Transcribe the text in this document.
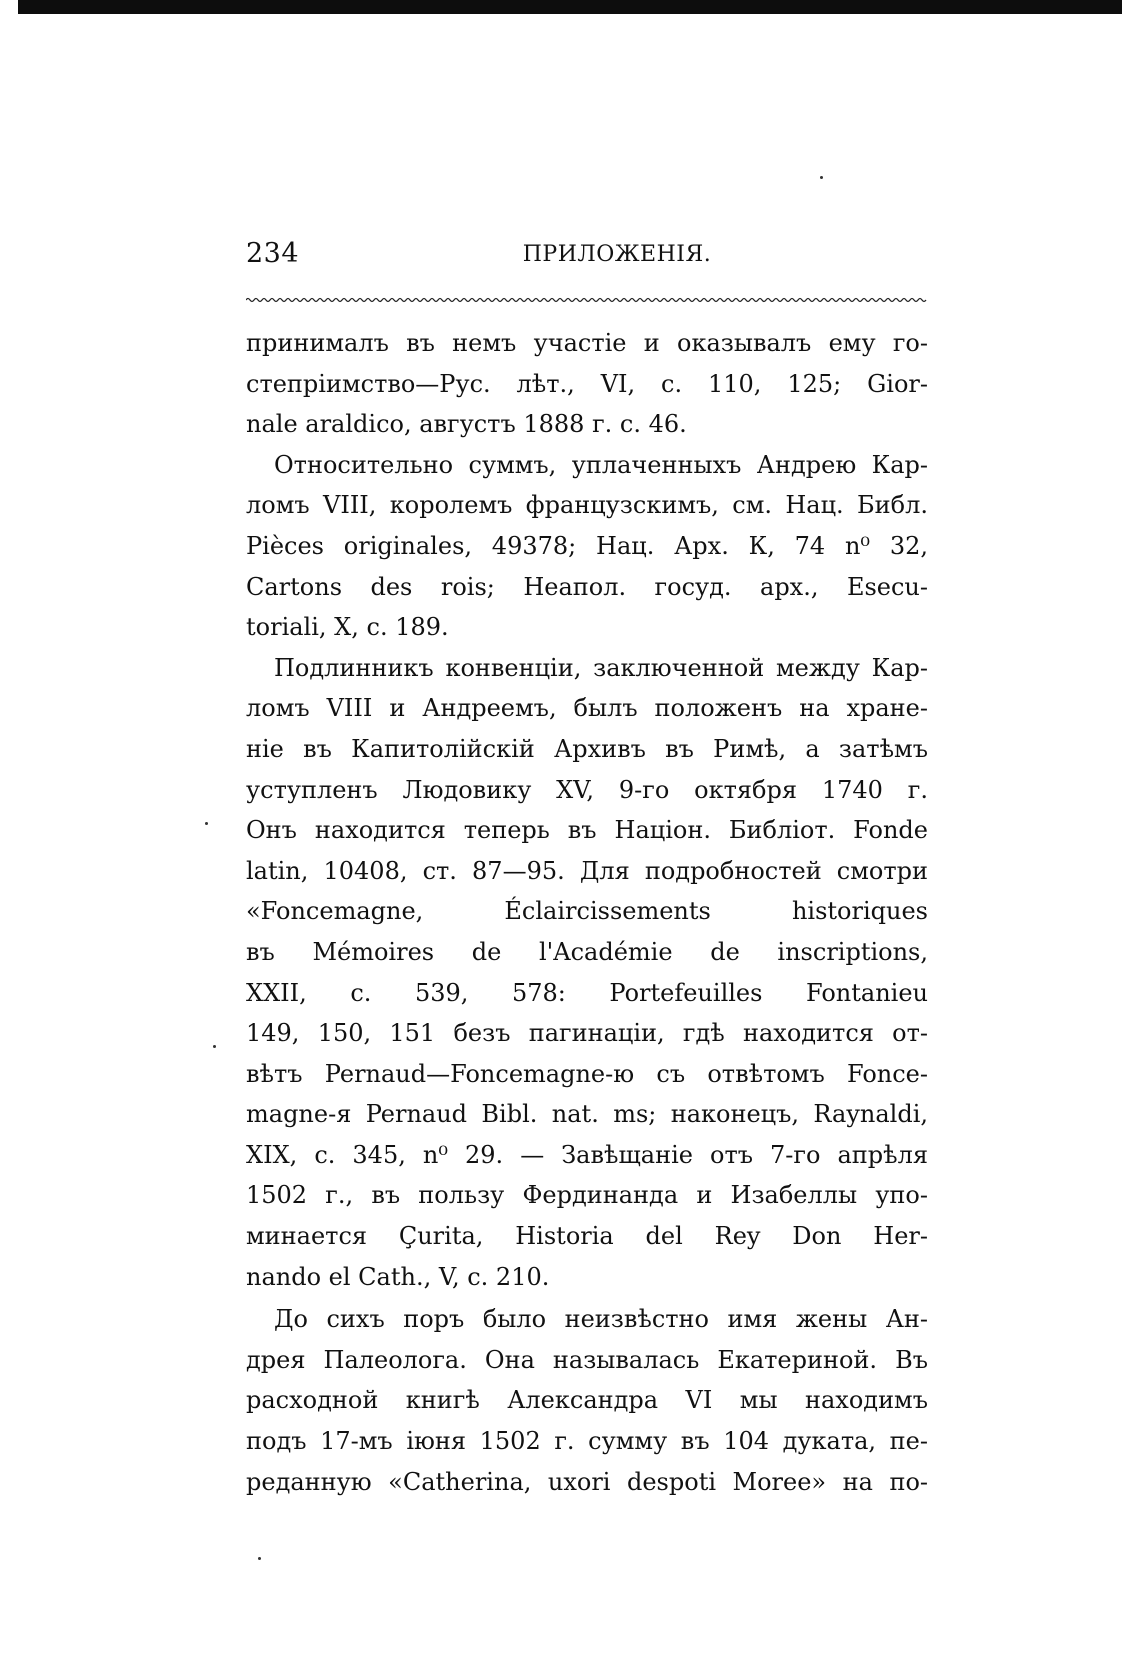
234	ПРИЛОЖЕНІЯ.
принималъ въ немъ участіе и оказывалъ ему го-
степріимство—Рус. лѣт., VI, с. 110, 125; Gior-
nale araldico, августъ 1888 г. с. 46.
Относительно суммъ, уплаченныхъ Андрею Кар-
ломъ VIII, королемъ французскимъ, см. Нац. Библ.
Pièces originales, 49378; Нац. Арх. К, 74 n⁰ 32,
Cartons des rois; Неапол. госуд. арх., Esecu-
toriali, X, с. 189.
Подлинникъ конвенціи, заключенной между Кар-
ломъ VIII и Андреемъ, былъ положенъ на хране-
ніе въ Капитолійскій Архивъ въ Римѣ, а затѣмъ
уступленъ Людовику XV, 9-го октября 1740 г.
Онъ находится теперь въ Націон. Библіот. Fonde
latin, 10408, ст. 87—95. Для подробностей смотри
«Foncemagne, Éclaircissements historiques
въ Mémoires de l'Académie de inscriptions,
XXII, с. 539, 578: Portefeuilles Fontanieu
149, 150, 151 безъ пагинаціи, гдѣ находится от-
вѣтъ Pernaud—Foncemagne-ю съ отвѣтомъ Fonce-
magne-я Pernaud Bibl. nat. ms; наконецъ, Raynaldi,
XIX, с. 345, n⁰ 29. — Завѣщаніе отъ 7-го апрѣля
1502 г., въ пользу Фердинанда и Изабеллы упо-
минается Çurita, Historia del Rey Don Her-
nando el Cath., V, с. 210.
До сихъ поръ было неизвѣстно имя жены Ан-
дрея Палеолога. Она называлась Екатериной. Въ
расходной книгѣ Александра VI мы находимъ
подъ 17-мъ іюня 1502 г. сумму въ 104 дуката, пе-
реданную «Catherina, uxori despoti Moree» на по-
